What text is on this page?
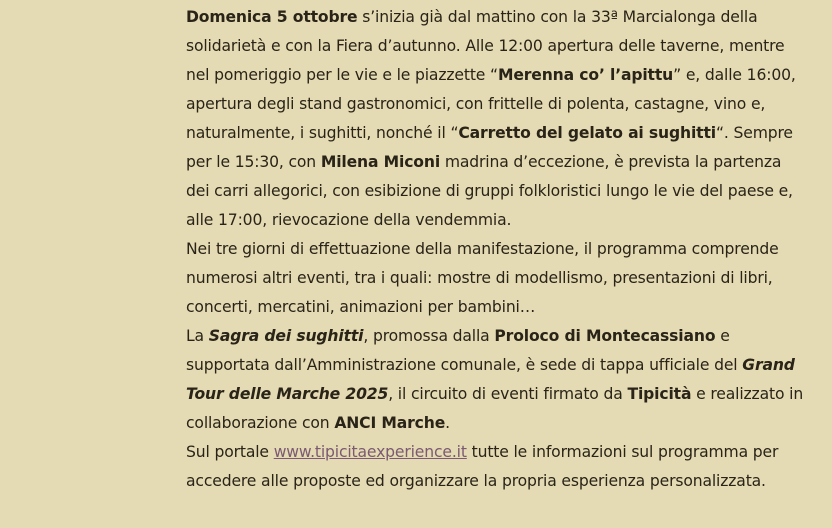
Domenica 5 ottobre s’inizia già dal mattino con la 33ª Marcialonga della solidarietà e con la Fiera d’autunno. Alle 12:00 apertura delle taverne, mentre nel pomeriggio per le vie e le piazzette “Merenna co’ l’apittu” e, dalle 16:00, apertura degli stand gastronomici, con frittelle di polenta, castagne, vino e, naturalmente, i sughitti, nonché il “Carretto del gelato ai sughitti“. Sempre per le 15:30, con Milena Miconi madrina d’eccezione, è prevista la partenza dei carri allegorici, con esibizione di gruppi folkloristici lungo le vie del paese e, alle 17:00, rievocazione della vendemmia.

Nei tre giorni di effettuazione della manifestazione, il programma comprende numerosi altri eventi, tra i quali: mostre di modellismo, presentazioni di libri, concerti, mercatini, animazioni per bambini…

La Sagra dei sughitti, promossa dalla Proloco di Montecassiano e supportata dall’Amministrazione comunale, è sede di tappa ufficiale del Grand Tour delle Marche 2025, il circuito di eventi firmato da Tipicità e realizzato in collaborazione con ANCI Marche.

Sul portale www.tipicitaexperience.it tutte le informazioni sul programma per accedere alle proposte ed organizzare la propria esperienza personalizzata.
